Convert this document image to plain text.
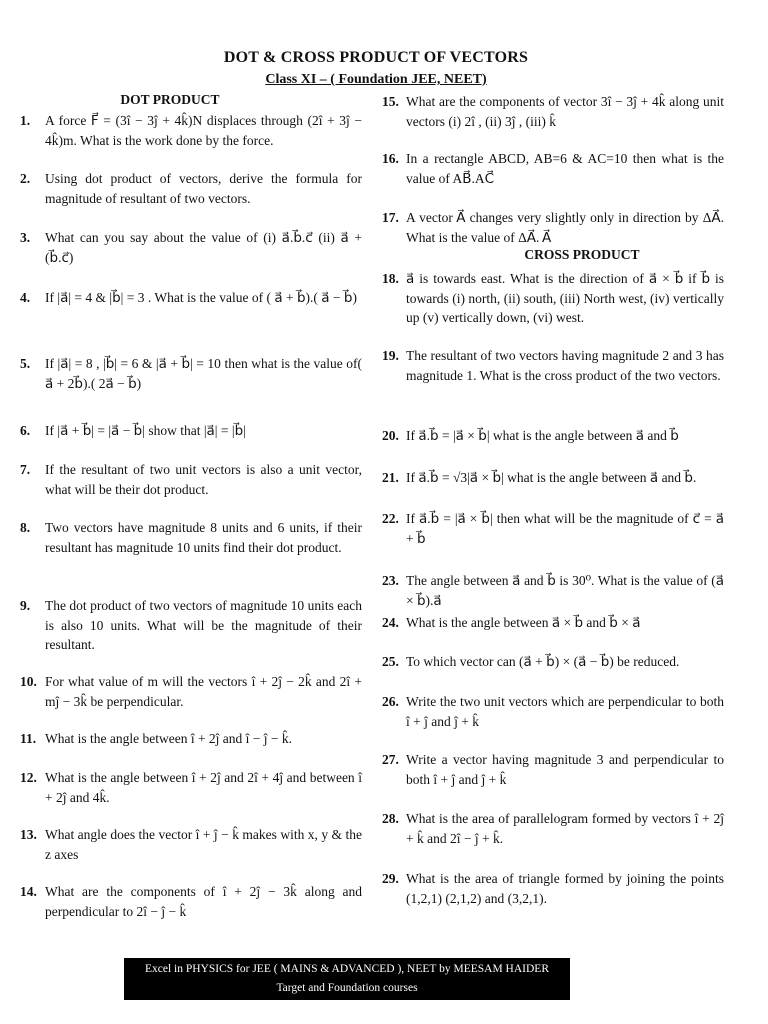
DOT & CROSS PRODUCT OF VECTORS
Class XI – ( Foundation JEE, NEET)
DOT PRODUCT
1.	A force F⃗ = (3î − 3ĵ + 4k̂)N displaces through (2î + 3ĵ − 4k̂)m. What is the work done by the force.
2.	Using dot product of vectors, derive the formula for magnitude of resultant of two vectors.
3.	What can you say about the value of (i) a⃗.b⃗.c⃗ (ii) a⃗ + (b⃗.c⃗)
4.	If |a⃗| = 4 & |b⃗| = 3 . What is the value of ( a⃗ + b⃗).( a⃗ − b⃗)
5.	If |a⃗| = 8 , |b⃗| = 6 & |a⃗ + b⃗| = 10 then what is the value of( a⃗ + 2b⃗).( 2a⃗ − b⃗)
6.	If |a⃗ + b⃗| = |a⃗ − b⃗| show that |a⃗| = |b⃗|
7.	If the resultant of two unit vectors is also a unit vector, what will be their dot product.
8.	Two vectors have magnitude 8 units and 6 units, if their resultant has magnitude 10 units find their dot product.
9.	The dot product of two vectors of magnitude 10 units each is also 10 units. What will be the magnitude of their resultant.
10. For what value of m will the vectors î + 2ĵ − 2k̂ and 2î + mĵ − 3k̂ be perpendicular.
11. What is the angle between î + 2ĵ and î − ĵ − k̂.
12. What is the angle between î + 2ĵ and 2î + 4ĵ and between î + 2ĵ and 4k̂.
13. What angle does the vector î + ĵ − k̂ makes with x, y & the z axes
14. What are the components of î + 2ĵ − 3k̂ along and perpendicular to 2î − ĵ − k̂
15. What are the components of vector 3î − 3ĵ + 4k̂ along unit vectors (i) 2î , (ii) 3ĵ , (iii) k̂
16. In a rectangle ABCD, AB=6 & AC=10 then what is the value of AB⃗.AC⃗
17. A vector A⃗ changes very slightly only in direction by ΔA⃗. What is the value of ΔA⃗. A⃗
CROSS PRODUCT
18. a⃗ is towards east. What is the direction of a⃗ × b⃗ if b⃗ is towards (i) north, (ii) south, (iii) North west, (iv) vertically up (v) vertically down, (vi) west.
19. The resultant of two vectors having magnitude 2 and 3 has magnitude 1. What is the cross product of the two vectors.
20. If a⃗.b⃗ = |a⃗ × b⃗| what is the angle between a⃗ and b⃗
21. If a⃗.b⃗ = √3|a⃗ × b⃗| what is the angle between a⃗ and b⃗.
22. If a⃗.b⃗ = |a⃗ × b⃗| then what will be the magnitude of c⃗ = a⃗ + b⃗
23. The angle between a⃗ and b⃗ is 30⁰. What is the value of (a⃗ × b⃗).a⃗
24. What is the angle between a⃗ × b⃗ and b⃗ × a⃗
25. To which vector can (a⃗ + b⃗) × (a⃗ − b⃗) be reduced.
26. Write the two unit vectors which are perpendicular to both î + ĵ and ĵ + k̂
27. Write a vector having magnitude 3 and perpendicular to both î + ĵ and ĵ + k̂
28. What is the area of parallelogram formed by vectors î + 2ĵ + k̂ and 2î − ĵ + k̂.
29. What is the area of triangle formed by joining the points (1,2,1) (2,1,2) and (3,2,1).
Excel in PHYSICS for JEE ( MAINS & ADVANCED ), NEET by MEESAM HAIDER
Target and Foundation courses
